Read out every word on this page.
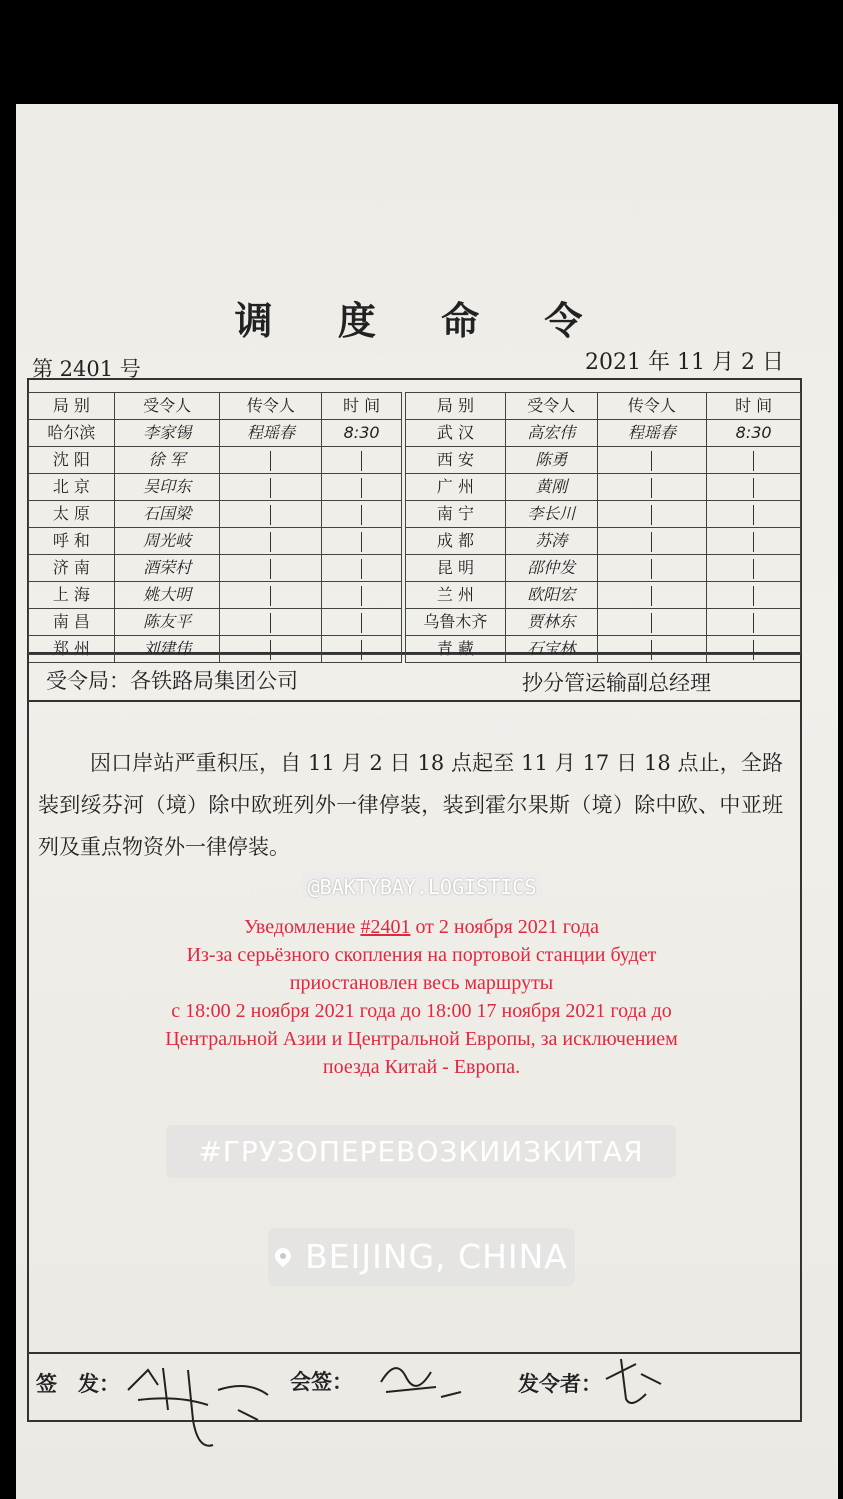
调 度 命 令
第 2401 号	2021 年 11 月 2 日
局 别	受令人	传令人	时 间
哈尔滨	李家锡	程瑶春	8:30
沈 阳	徐 军		
北 京	吴印东		
太 原	石国梁		
呼 和	周光岐		
济 南	酒荣村		
上 海	姚大明		
南 昌	陈友平		
郑 州	刘建伟		
局 别	受令人	传令人	时 间
武 汉	高宏伟	程瑶春	8:30
西 安	陈勇		
广 州	黄刚		
南 宁	李长川		
成 都	苏涛		
昆 明	邵仲发		
兰 州	欧阳宏		
乌鲁木齐	贾林东		
青 藏	石宝林		
受令局：各铁路局集团公司	抄分管运输副总经理
因口岸站严重积压，自 11 月 2 日 18 点起至 11 月 17 日 18 点止，全路装到绥芬河（境）除中欧班列外一律停装，装到霍尔果斯（境）除中欧、中亚班列及重点物资外一律停装。
@BAKTYBAY.LOGISTICS
Уведомление #2401 от 2 ноября 2021 года
Из-за серьёзного скопления на портовой станции будет
приостановлен весь маршруты
с 18:00 2 ноября 2021 года до 18:00 17 ноября 2021 года до
Центральной Азии и Центральной Европы, за исключением
поезда Китай - Европа.
#ГРУЗОПЕРЕВОЗКИИЗКИТАЯ
BEIJING, CHINA
签　发：	会签：	发令者：
